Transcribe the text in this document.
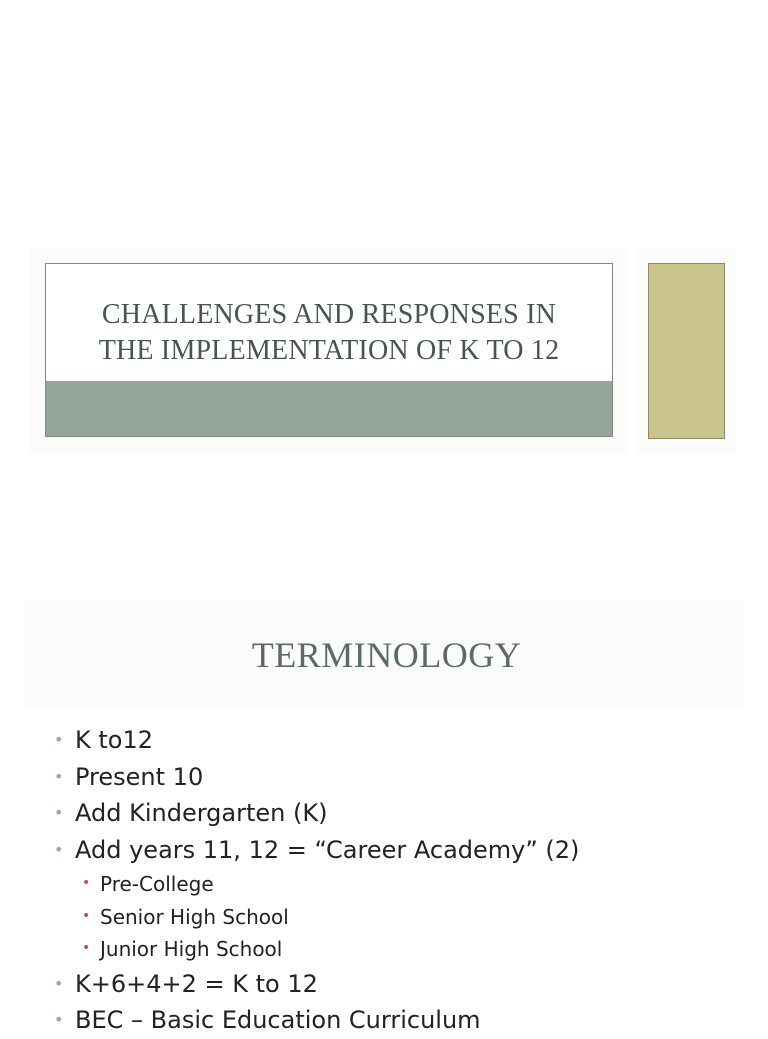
CHALLENGES AND RESPONSES IN
THE IMPLEMENTATION OF K TO 12
TERMINOLOGY
• K to12
• Present 10
• Add Kindergarten (K)
• Add years 11, 12 = “Career Academy” (2)
• Pre-College
• Senior High School
• Junior High School
• K+6+4+2 = K to 12
• BEC – Basic Education Curriculum
